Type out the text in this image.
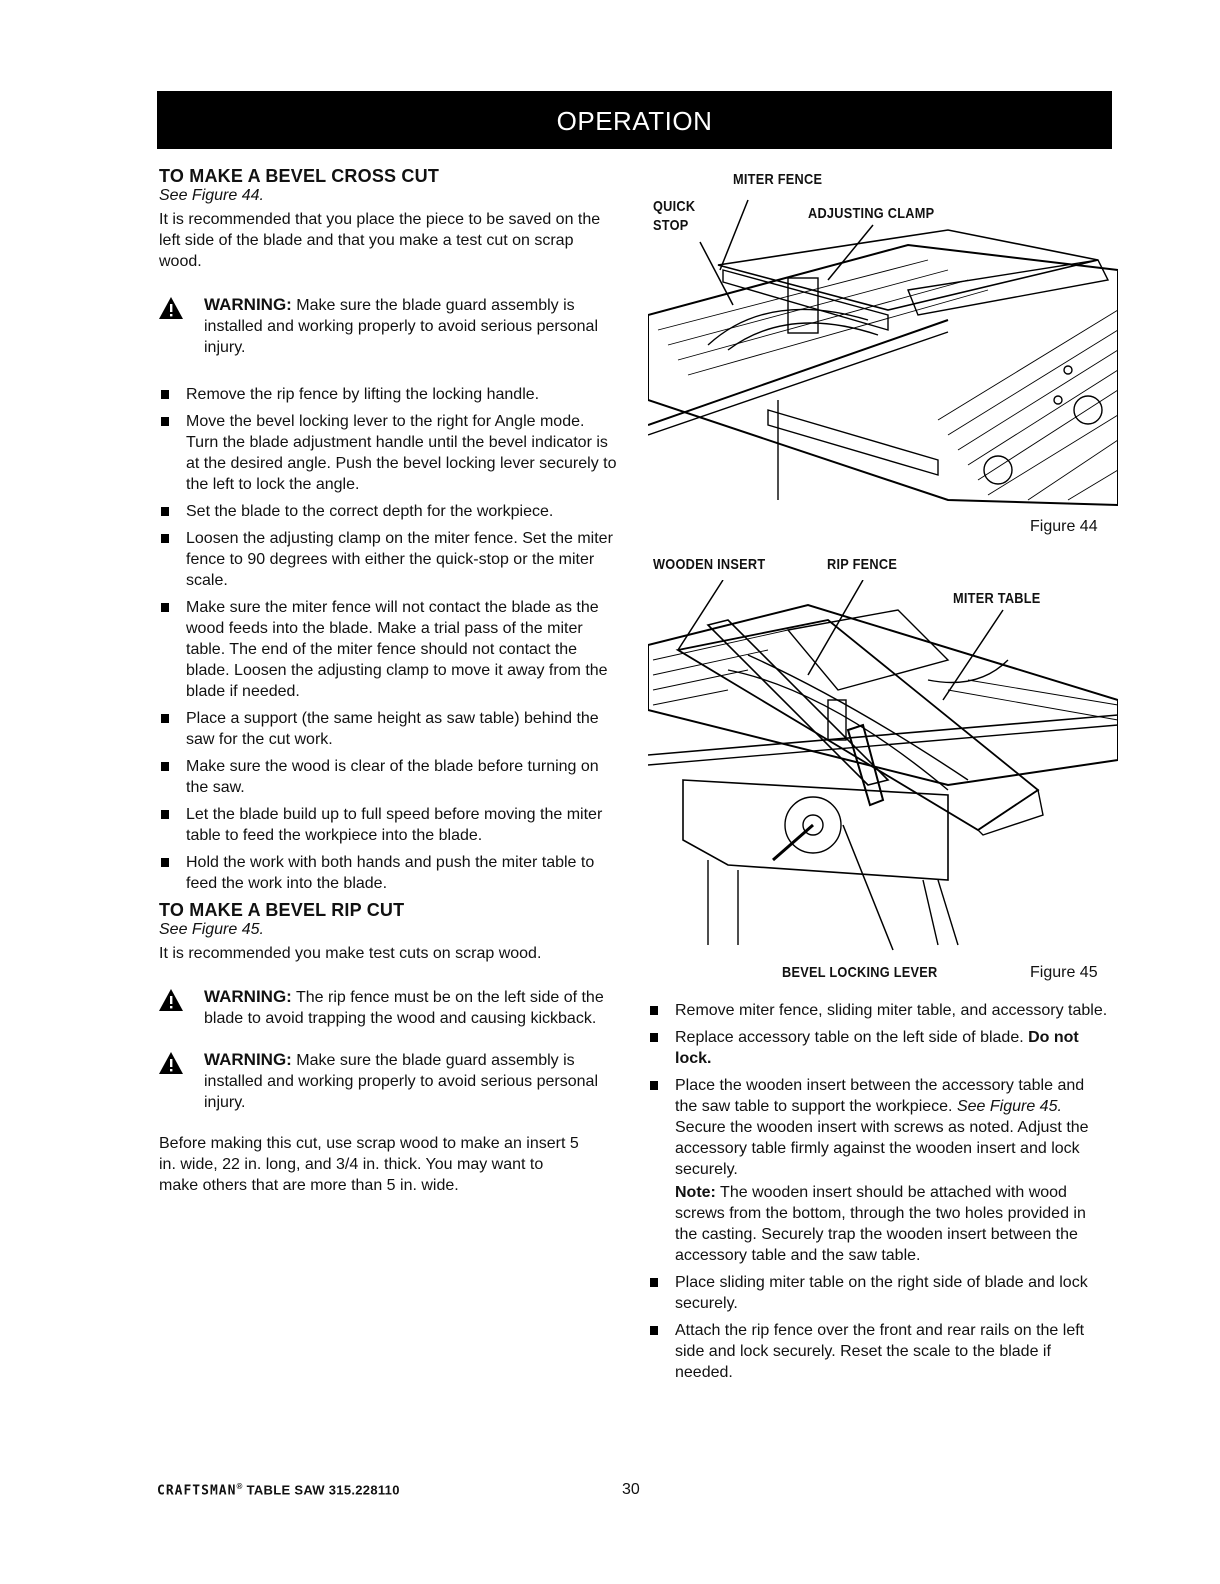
OPERATION
TO MAKE A BEVEL CROSS CUT
See Figure 44.

It is recommended that you place the piece to be saved on the left side of the blade and that you make a test cut on scrap wood.

WARNING: Make sure the blade guard assembly is installed and working properly to avoid serious personal injury.
Remove the rip fence by lifting the locking handle.
Move the bevel locking lever to the right for Angle mode. Turn the blade adjustment handle until the bevel indicator is at the desired angle. Push the bevel locking lever securely to the left to lock the angle.
Set the blade to the correct depth for the workpiece.
Loosen the adjusting clamp on the miter fence. Set the miter fence to 90 degrees with either the quick-stop or the miter scale.
Make sure the miter fence will not contact the blade as the wood feeds into the blade. Make a trial pass of the miter table. The end of the miter fence should not contact the blade. Loosen the adjusting clamp to move it away from the blade if needed.
Place a support (the same height as saw table) behind the saw for the cut work.
Make sure the wood is clear of the blade before turning on the saw.
Let the blade build up to full speed before moving the miter table to feed the workpiece into the blade.
Hold the work with both hands and push the miter table to feed the work into the blade.
TO MAKE A BEVEL RIP CUT
See Figure 45.

It is recommended you make test cuts on scrap wood.

WARNING: The rip fence must be on the left side of the blade to avoid trapping the wood and causing kickback.
WARNING: Make sure the blade guard assembly is installed and working properly to avoid serious personal injury.

Before making this cut, use scrap wood to make an insert 5 in. wide, 22 in. long, and 3/4 in. thick. You may want to make others that are more than 5 in. wide.

MITER FENCE
QUICK
STOP
ADJUSTING CLAMP
Figure 44
WOODEN INSERT	RIP FENCE
MITER TABLE
BEVEL LOCKING LEVER	Figure 45
Remove miter fence, sliding miter table, and accessory table.
Replace accessory table on the left side of blade. Do not lock.
Place the wooden insert between the accessory table and the saw table to support the workpiece. See Figure 45. Secure the wooden insert with screws as noted. Adjust the accessory table firmly against the wooden insert and lock securely.
Note: The wooden insert should be attached with wood screws from the bottom, through the two holes provided in the casting. Securely trap the wooden insert between the accessory table and the saw table.
Place sliding miter table on the right side of blade and lock securely.
Attach the rip fence over the front and rear rails on the left side and lock securely. Reset the scale to the blade if needed.
CRAFTSMAN® TABLE SAW 315.228110	30
